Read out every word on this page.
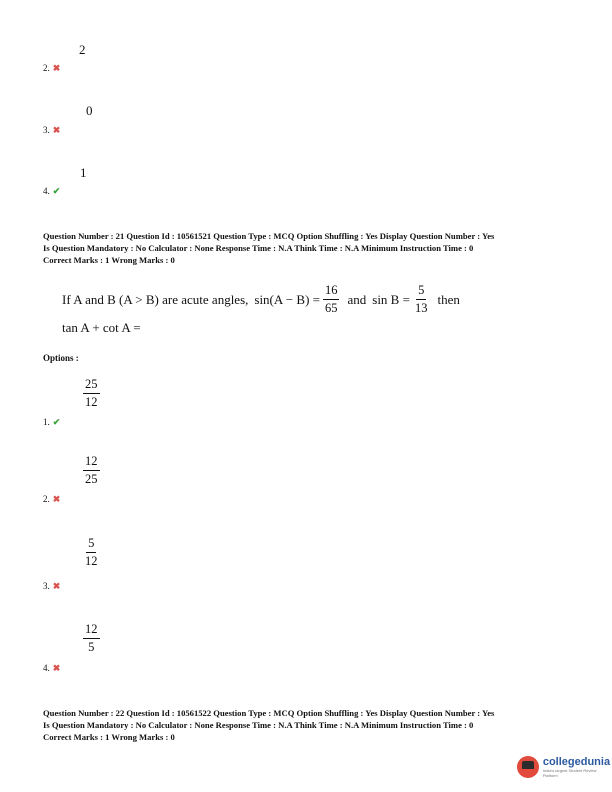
2
2. ✖
0
3. ✖
1
4. ✔
Question Number : 21 Question Id : 10561521 Question Type : MCQ Option Shuffling : Yes Display Question Number : Yes
Is Question Mandatory : No Calculator : None Response Time : N.A Think Time : N.A Minimum Instruction Time : 0
Correct Marks : 1 Wrong Marks : 0
If A and B (A > B) are acute angles, $\sin(A - B) = \frac{16}{65}$ and $\sin B = \frac{5}{13}$ then
tan A + cot A =
Options :
$\frac{25}{12}$
1. ✔
$\frac{12}{25}$
2. ✖
$\frac{5}{12}$
3. ✖
$\frac{12}{5}$
4. ✖
Question Number : 22 Question Id : 10561522 Question Type : MCQ Option Shuffling : Yes Display Question Number : Yes
Is Question Mandatory : No Calculator : None Response Time : N.A Think Time : N.A Minimum Instruction Time : 0
Correct Marks : 1 Wrong Marks : 0
collegedunia
India's largest Student Review Platform
